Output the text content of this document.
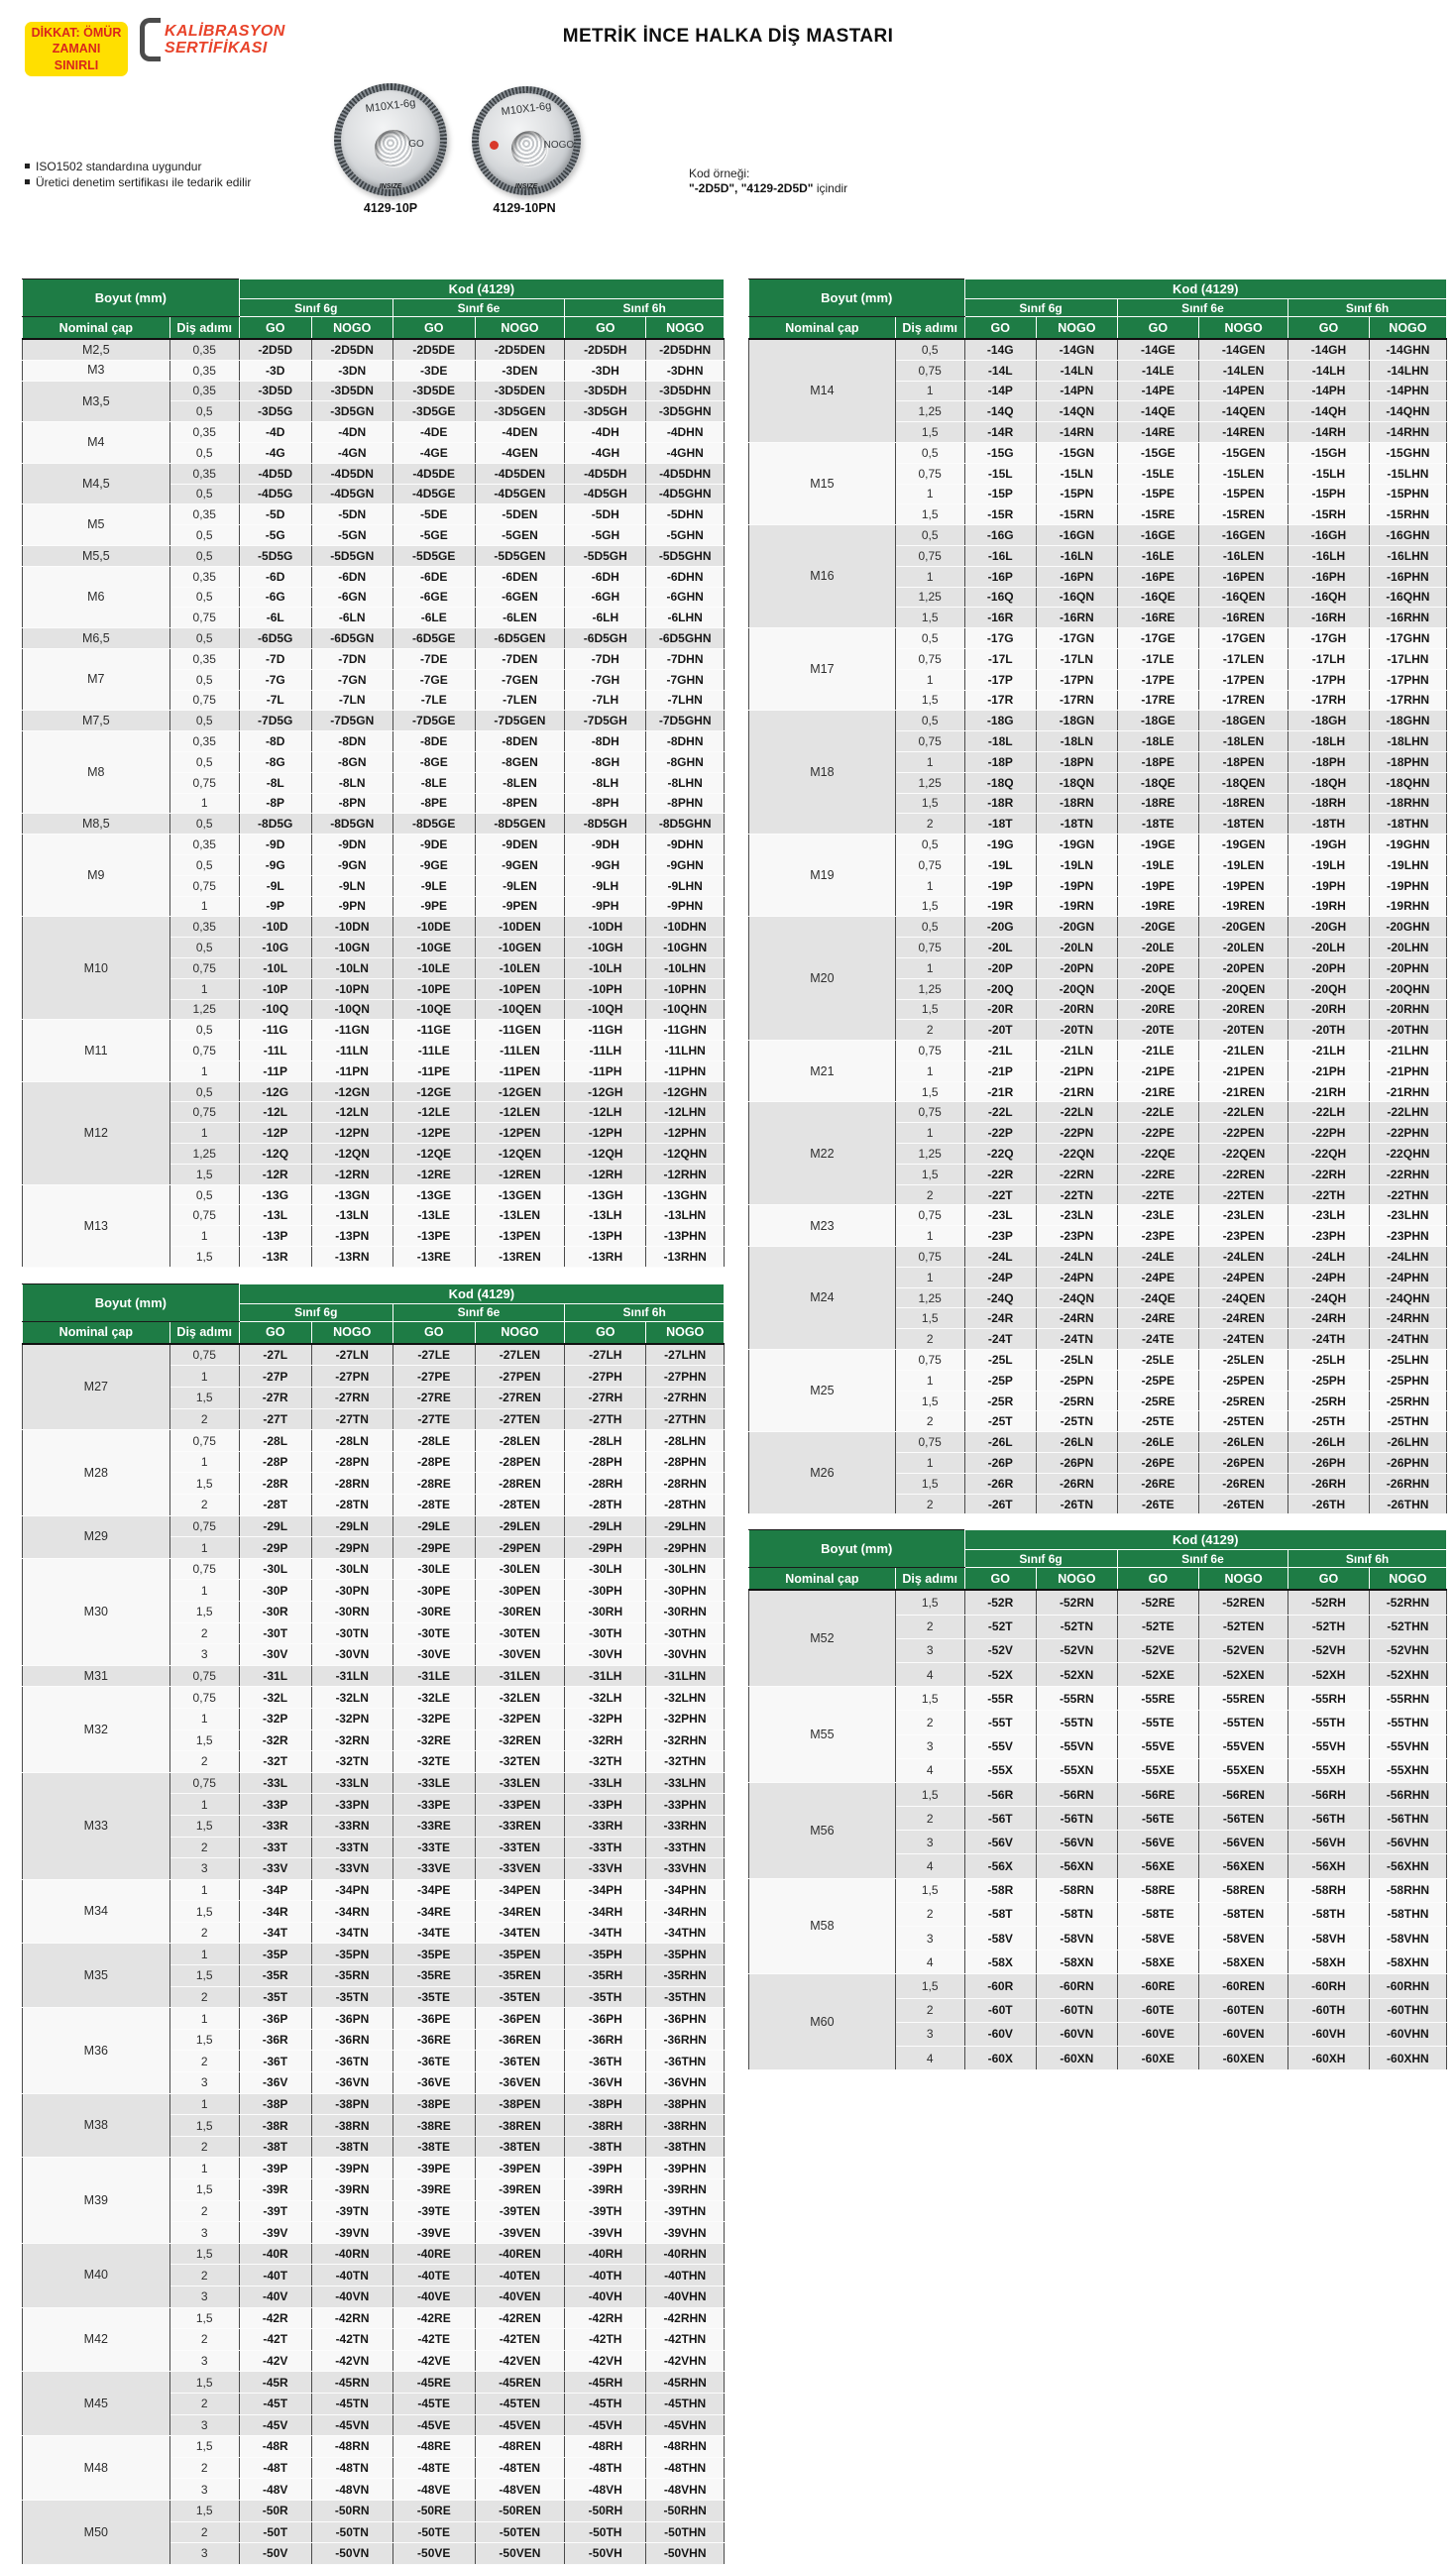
DİKKAT: ÖMÜR
ZAMANI SINIRLI
KALİBRASYON
SERTİFİKASI
METRİK İNCE HALKA DİŞ MASTARI
M10X1-6g
GO
INSIZE
M10X1-6g
NOGO
INSIZE
4129-10P	4129-10PN
ISO1502 standardına uygundur
Üretici denetim sertifikası ile tedarik edilir
Kod örneği:
"-2D5D", "4129-2D5D" içindir
Boyut (mm)		Kod (4129)					
		Sınıf 6g		Sınıf 6e		Sınıf 6h	
Nominal çap	Diş adımı	GO	NOGO	GO	NOGO	GO	NOGO
M2,5	0,35	-2D5D	-2D5DN	-2D5DE	-2D5DEN	-2D5DH	-2D5DHN
M3	0,35	-3D	-3DN	-3DE	-3DEN	-3DH	-3DHN
M3,5	0,35	-3D5D	-3D5DN	-3D5DE	-3D5DEN	-3D5DH	-3D5DHN
	0,5	-3D5G	-3D5GN	-3D5GE	-3D5GEN	-3D5GH	-3D5GHN
M4	0,35	-4D	-4DN	-4DE	-4DEN	-4DH	-4DHN
	0,5	-4G	-4GN	-4GE	-4GEN	-4GH	-4GHN
M4,5	0,35	-4D5D	-4D5DN	-4D5DE	-4D5DEN	-4D5DH	-4D5DHN
	0,5	-4D5G	-4D5GN	-4D5GE	-4D5GEN	-4D5GH	-4D5GHN
M5	0,35	-5D	-5DN	-5DE	-5DEN	-5DH	-5DHN
	0,5	-5G	-5GN	-5GE	-5GEN	-5GH	-5GHN
M5,5	0,5	-5D5G	-5D5GN	-5D5GE	-5D5GEN	-5D5GH	-5D5GHN
M6	0,35	-6D	-6DN	-6DE	-6DEN	-6DH	-6DHN
	0,5	-6G	-6GN	-6GE	-6GEN	-6GH	-6GHN
	0,75	-6L	-6LN	-6LE	-6LEN	-6LH	-6LHN
M6,5	0,5	-6D5G	-6D5GN	-6D5GE	-6D5GEN	-6D5GH	-6D5GHN
M7	0,35	-7D	-7DN	-7DE	-7DEN	-7DH	-7DHN
	0,5	-7G	-7GN	-7GE	-7GEN	-7GH	-7GHN
	0,75	-7L	-7LN	-7LE	-7LEN	-7LH	-7LHN
M7,5	0,5	-7D5G	-7D5GN	-7D5GE	-7D5GEN	-7D5GH	-7D5GHN
M8	0,35	-8D	-8DN	-8DE	-8DEN	-8DH	-8DHN
	0,5	-8G	-8GN	-8GE	-8GEN	-8GH	-8GHN
	0,75	-8L	-8LN	-8LE	-8LEN	-8LH	-8LHN
	1	-8P	-8PN	-8PE	-8PEN	-8PH	-8PHN
M8,5	0,5	-8D5G	-8D5GN	-8D5GE	-8D5GEN	-8D5GH	-8D5GHN
M9	0,35	-9D	-9DN	-9DE	-9DEN	-9DH	-9DHN
	0,5	-9G	-9GN	-9GE	-9GEN	-9GH	-9GHN
	0,75	-9L	-9LN	-9LE	-9LEN	-9LH	-9LHN
	1	-9P	-9PN	-9PE	-9PEN	-9PH	-9PHN
M10	0,35	-10D	-10DN	-10DE	-10DEN	-10DH	-10DHN
	0,5	-10G	-10GN	-10GE	-10GEN	-10GH	-10GHN
	0,75	-10L	-10LN	-10LE	-10LEN	-10LH	-10LHN
	1	-10P	-10PN	-10PE	-10PEN	-10PH	-10PHN
	1,25	-10Q	-10QN	-10QE	-10QEN	-10QH	-10QHN
M11	0,5	-11G	-11GN	-11GE	-11GEN	-11GH	-11GHN
	0,75	-11L	-11LN	-11LE	-11LEN	-11LH	-11LHN
	1	-11P	-11PN	-11PE	-11PEN	-11PH	-11PHN
M12	0,5	-12G	-12GN	-12GE	-12GEN	-12GH	-12GHN
	0,75	-12L	-12LN	-12LE	-12LEN	-12LH	-12LHN
	1	-12P	-12PN	-12PE	-12PEN	-12PH	-12PHN
	1,25	-12Q	-12QN	-12QE	-12QEN	-12QH	-12QHN
	1,5	-12R	-12RN	-12RE	-12REN	-12RH	-12RHN
M13	0,5	-13G	-13GN	-13GE	-13GEN	-13GH	-13GHN
	0,75	-13L	-13LN	-13LE	-13LEN	-13LH	-13LHN
	1	-13P	-13PN	-13PE	-13PEN	-13PH	-13PHN
	1,5	-13R	-13RN	-13RE	-13REN	-13RH	-13RHN
Boyut (mm)		Kod (4129)					
		Sınıf 6g		Sınıf 6e		Sınıf 6h	
Nominal çap	Diş adımı	GO	NOGO	GO	NOGO	GO	NOGO
M27	0,75	-27L	-27LN	-27LE	-27LEN	-27LH	-27LHN
	1	-27P	-27PN	-27PE	-27PEN	-27PH	-27PHN
	1,5	-27R	-27RN	-27RE	-27REN	-27RH	-27RHN
	2	-27T	-27TN	-27TE	-27TEN	-27TH	-27THN
M28	0,75	-28L	-28LN	-28LE	-28LEN	-28LH	-28LHN
	1	-28P	-28PN	-28PE	-28PEN	-28PH	-28PHN
	1,5	-28R	-28RN	-28RE	-28REN	-28RH	-28RHN
	2	-28T	-28TN	-28TE	-28TEN	-28TH	-28THN
M29	0,75	-29L	-29LN	-29LE	-29LEN	-29LH	-29LHN
	1	-29P	-29PN	-29PE	-29PEN	-29PH	-29PHN
M30	0,75	-30L	-30LN	-30LE	-30LEN	-30LH	-30LHN
	1	-30P	-30PN	-30PE	-30PEN	-30PH	-30PHN
	1,5	-30R	-30RN	-30RE	-30REN	-30RH	-30RHN
	2	-30T	-30TN	-30TE	-30TEN	-30TH	-30THN
	3	-30V	-30VN	-30VE	-30VEN	-30VH	-30VHN
M31	0,75	-31L	-31LN	-31LE	-31LEN	-31LH	-31LHN
M32	0,75	-32L	-32LN	-32LE	-32LEN	-32LH	-32LHN
	1	-32P	-32PN	-32PE	-32PEN	-32PH	-32PHN
	1,5	-32R	-32RN	-32RE	-32REN	-32RH	-32RHN
	2	-32T	-32TN	-32TE	-32TEN	-32TH	-32THN
M33	0,75	-33L	-33LN	-33LE	-33LEN	-33LH	-33LHN
	1	-33P	-33PN	-33PE	-33PEN	-33PH	-33PHN
	1,5	-33R	-33RN	-33RE	-33REN	-33RH	-33RHN
	2	-33T	-33TN	-33TE	-33TEN	-33TH	-33THN
	3	-33V	-33VN	-33VE	-33VEN	-33VH	-33VHN
M34	1	-34P	-34PN	-34PE	-34PEN	-34PH	-34PHN
	1,5	-34R	-34RN	-34RE	-34REN	-34RH	-34RHN
	2	-34T	-34TN	-34TE	-34TEN	-34TH	-34THN
M35	1	-35P	-35PN	-35PE	-35PEN	-35PH	-35PHN
	1,5	-35R	-35RN	-35RE	-35REN	-35RH	-35RHN
	2	-35T	-35TN	-35TE	-35TEN	-35TH	-35THN
M36	1	-36P	-36PN	-36PE	-36PEN	-36PH	-36PHN
	1,5	-36R	-36RN	-36RE	-36REN	-36RH	-36RHN
	2	-36T	-36TN	-36TE	-36TEN	-36TH	-36THN
	3	-36V	-36VN	-36VE	-36VEN	-36VH	-36VHN
M38	1	-38P	-38PN	-38PE	-38PEN	-38PH	-38PHN
	1,5	-38R	-38RN	-38RE	-38REN	-38RH	-38RHN
	2	-38T	-38TN	-38TE	-38TEN	-38TH	-38THN
M39	1	-39P	-39PN	-39PE	-39PEN	-39PH	-39PHN
	1,5	-39R	-39RN	-39RE	-39REN	-39RH	-39RHN
	2	-39T	-39TN	-39TE	-39TEN	-39TH	-39THN
	3	-39V	-39VN	-39VE	-39VEN	-39VH	-39VHN
M40	1,5	-40R	-40RN	-40RE	-40REN	-40RH	-40RHN
	2	-40T	-40TN	-40TE	-40TEN	-40TH	-40THN
	3	-40V	-40VN	-40VE	-40VEN	-40VH	-40VHN
M42	1,5	-42R	-42RN	-42RE	-42REN	-42RH	-42RHN
	2	-42T	-42TN	-42TE	-42TEN	-42TH	-42THN
	3	-42V	-42VN	-42VE	-42VEN	-42VH	-42VHN
M45	1,5	-45R	-45RN	-45RE	-45REN	-45RH	-45RHN
	2	-45T	-45TN	-45TE	-45TEN	-45TH	-45THN
	3	-45V	-45VN	-45VE	-45VEN	-45VH	-45VHN
M48	1,5	-48R	-48RN	-48RE	-48REN	-48RH	-48RHN
	2	-48T	-48TN	-48TE	-48TEN	-48TH	-48THN
	3	-48V	-48VN	-48VE	-48VEN	-48VH	-48VHN
M50	1,5	-50R	-50RN	-50RE	-50REN	-50RH	-50RHN
	2	-50T	-50TN	-50TE	-50TEN	-50TH	-50THN
	3	-50V	-50VN	-50VE	-50VEN	-50VH	-50VHN
Boyut (mm)		Kod (4129)					
		Sınıf 6g		Sınıf 6e		Sınıf 6h	
Nominal çap	Diş adımı	GO	NOGO	GO	NOGO	GO	NOGO
M14	0,5	-14G	-14GN	-14GE	-14GEN	-14GH	-14GHN
	0,75	-14L	-14LN	-14LE	-14LEN	-14LH	-14LHN
	1	-14P	-14PN	-14PE	-14PEN	-14PH	-14PHN
	1,25	-14Q	-14QN	-14QE	-14QEN	-14QH	-14QHN
	1,5	-14R	-14RN	-14RE	-14REN	-14RH	-14RHN
M15	0,5	-15G	-15GN	-15GE	-15GEN	-15GH	-15GHN
	0,75	-15L	-15LN	-15LE	-15LEN	-15LH	-15LHN
	1	-15P	-15PN	-15PE	-15PEN	-15PH	-15PHN
	1,5	-15R	-15RN	-15RE	-15REN	-15RH	-15RHN
M16	0,5	-16G	-16GN	-16GE	-16GEN	-16GH	-16GHN
	0,75	-16L	-16LN	-16LE	-16LEN	-16LH	-16LHN
	1	-16P	-16PN	-16PE	-16PEN	-16PH	-16PHN
	1,25	-16Q	-16QN	-16QE	-16QEN	-16QH	-16QHN
	1,5	-16R	-16RN	-16RE	-16REN	-16RH	-16RHN
M17	0,5	-17G	-17GN	-17GE	-17GEN	-17GH	-17GHN
	0,75	-17L	-17LN	-17LE	-17LEN	-17LH	-17LHN
	1	-17P	-17PN	-17PE	-17PEN	-17PH	-17PHN
	1,5	-17R	-17RN	-17RE	-17REN	-17RH	-17RHN
M18	0,5	-18G	-18GN	-18GE	-18GEN	-18GH	-18GHN
	0,75	-18L	-18LN	-18LE	-18LEN	-18LH	-18LHN
	1	-18P	-18PN	-18PE	-18PEN	-18PH	-18PHN
	1,25	-18Q	-18QN	-18QE	-18QEN	-18QH	-18QHN
	1,5	-18R	-18RN	-18RE	-18REN	-18RH	-18RHN
	2	-18T	-18TN	-18TE	-18TEN	-18TH	-18THN
M19	0,5	-19G	-19GN	-19GE	-19GEN	-19GH	-19GHN
	0,75	-19L	-19LN	-19LE	-19LEN	-19LH	-19LHN
	1	-19P	-19PN	-19PE	-19PEN	-19PH	-19PHN
	1,5	-19R	-19RN	-19RE	-19REN	-19RH	-19RHN
M20	0,5	-20G	-20GN	-20GE	-20GEN	-20GH	-20GHN
	0,75	-20L	-20LN	-20LE	-20LEN	-20LH	-20LHN
	1	-20P	-20PN	-20PE	-20PEN	-20PH	-20PHN
	1,25	-20Q	-20QN	-20QE	-20QEN	-20QH	-20QHN
	1,5	-20R	-20RN	-20RE	-20REN	-20RH	-20RHN
	2	-20T	-20TN	-20TE	-20TEN	-20TH	-20THN
M21	0,75	-21L	-21LN	-21LE	-21LEN	-21LH	-21LHN
	1	-21P	-21PN	-21PE	-21PEN	-21PH	-21PHN
	1,5	-21R	-21RN	-21RE	-21REN	-21RH	-21RHN
M22	0,75	-22L	-22LN	-22LE	-22LEN	-22LH	-22LHN
	1	-22P	-22PN	-22PE	-22PEN	-22PH	-22PHN
	1,25	-22Q	-22QN	-22QE	-22QEN	-22QH	-22QHN
	1,5	-22R	-22RN	-22RE	-22REN	-22RH	-22RHN
	2	-22T	-22TN	-22TE	-22TEN	-22TH	-22THN
M23	0,75	-23L	-23LN	-23LE	-23LEN	-23LH	-23LHN
	1	-23P	-23PN	-23PE	-23PEN	-23PH	-23PHN
M24	0,75	-24L	-24LN	-24LE	-24LEN	-24LH	-24LHN
	1	-24P	-24PN	-24PE	-24PEN	-24PH	-24PHN
	1,25	-24Q	-24QN	-24QE	-24QEN	-24QH	-24QHN
	1,5	-24R	-24RN	-24RE	-24REN	-24RH	-24RHN
	2	-24T	-24TN	-24TE	-24TEN	-24TH	-24THN
M25	0,75	-25L	-25LN	-25LE	-25LEN	-25LH	-25LHN
	1	-25P	-25PN	-25PE	-25PEN	-25PH	-25PHN
	1,5	-25R	-25RN	-25RE	-25REN	-25RH	-25RHN
	2	-25T	-25TN	-25TE	-25TEN	-25TH	-25THN
M26	0,75	-26L	-26LN	-26LE	-26LEN	-26LH	-26LHN
	1	-26P	-26PN	-26PE	-26PEN	-26PH	-26PHN
	1,5	-26R	-26RN	-26RE	-26REN	-26RH	-26RHN
	2	-26T	-26TN	-26TE	-26TEN	-26TH	-26THN
Boyut (mm)		Kod (4129)					
		Sınıf 6g		Sınıf 6e		Sınıf 6h	
Nominal çap	Diş adımı	GO	NOGO	GO	NOGO	GO	NOGO
M52	1,5	-52R	-52RN	-52RE	-52REN	-52RH	-52RHN
	2	-52T	-52TN	-52TE	-52TEN	-52TH	-52THN
	3	-52V	-52VN	-52VE	-52VEN	-52VH	-52VHN
	4	-52X	-52XN	-52XE	-52XEN	-52XH	-52XHN
M55	1,5	-55R	-55RN	-55RE	-55REN	-55RH	-55RHN
	2	-55T	-55TN	-55TE	-55TEN	-55TH	-55THN
	3	-55V	-55VN	-55VE	-55VEN	-55VH	-55VHN
	4	-55X	-55XN	-55XE	-55XEN	-55XH	-55XHN
M56	1,5	-56R	-56RN	-56RE	-56REN	-56RH	-56RHN
	2	-56T	-56TN	-56TE	-56TEN	-56TH	-56THN
	3	-56V	-56VN	-56VE	-56VEN	-56VH	-56VHN
	4	-56X	-56XN	-56XE	-56XEN	-56XH	-56XHN
M58	1,5	-58R	-58RN	-58RE	-58REN	-58RH	-58RHN
	2	-58T	-58TN	-58TE	-58TEN	-58TH	-58THN
	3	-58V	-58VN	-58VE	-58VEN	-58VH	-58VHN
	4	-58X	-58XN	-58XE	-58XEN	-58XH	-58XHN
M60	1,5	-60R	-60RN	-60RE	-60REN	-60RH	-60RHN
	2	-60T	-60TN	-60TE	-60TEN	-60TH	-60THN
	3	-60V	-60VN	-60VE	-60VEN	-60VH	-60VHN
	4	-60X	-60XN	-60XE	-60XEN	-60XH	-60XHN
